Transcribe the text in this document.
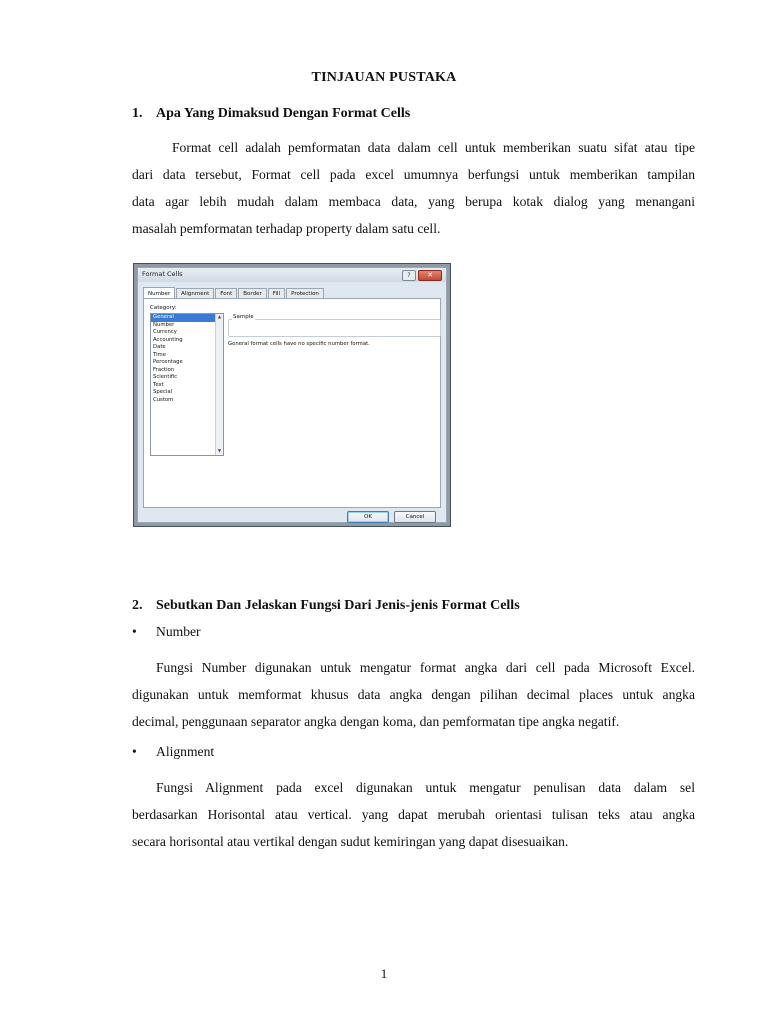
TINJAUAN PUSTAKA
1. Apa Yang Dimaksud Dengan Format Cells
Format cell adalah pemformatan data dalam cell untuk memberikan suatu sifat atau tipe
dari data tersebut, Format cell pada excel umumnya berfungsi untuk memberikan tampilan
data agar lebih mudah dalam membaca data, yang berupa kotak dialog yang menangani
masalah pemformatan terhadap property dalam satu cell.
Format Cells	?	✕
Number	Alignment	Font	Border	Fill	Protection
Category:
General
Number
Currency
Accounting
Date
Time
Percentage
Fraction
Scientific
Text
Special
Custom
▲
▼
Sample
General format cells have no specific number format.
OK	Cancel
2. Sebutkan Dan Jelaskan Fungsi Dari Jenis-jenis Format Cells
• Number
Fungsi Number digunakan untuk mengatur format angka dari cell pada Microsoft Excel.
digunakan untuk memformat khusus data angka dengan pilihan decimal places untuk angka
decimal, penggunaan separator angka dengan koma, dan pemformatan tipe angka negatif.
• Alignment
Fungsi Alignment pada excel digunakan untuk mengatur penulisan data dalam sel
berdasarkan Horisontal atau vertical. yang dapat merubah orientasi tulisan teks atau angka
secara horisontal atau vertikal dengan sudut kemiringan yang dapat disesuaikan.
1
